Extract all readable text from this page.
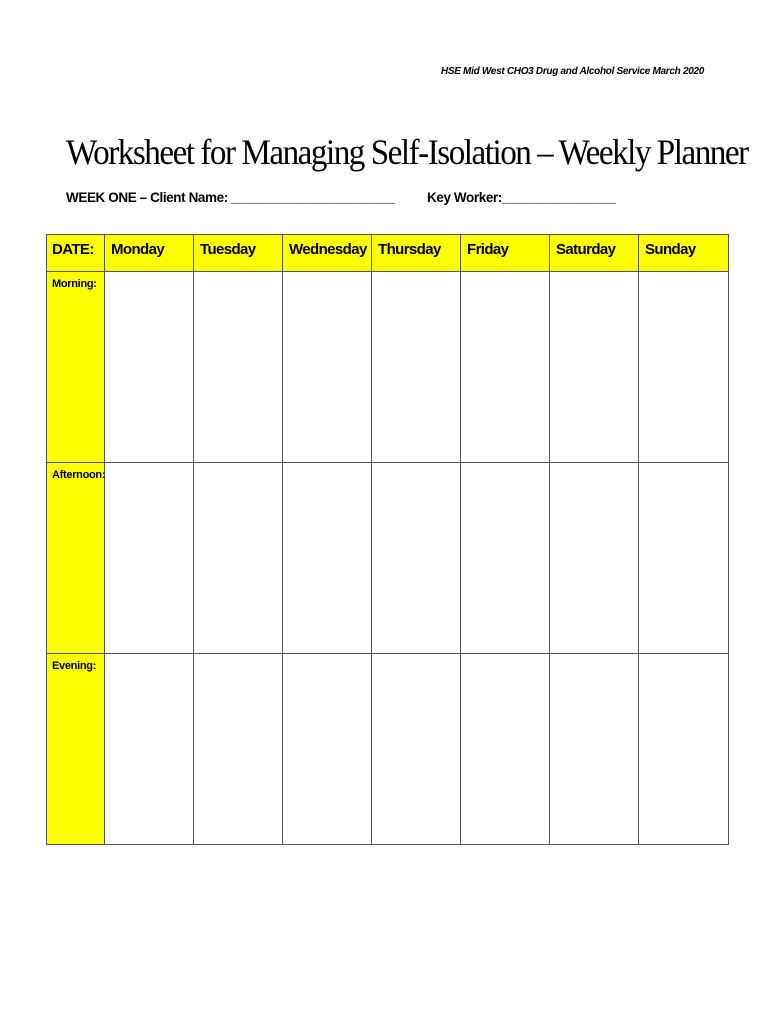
HSE Mid West CHO3 Drug and Alcohol Service March 2020
Worksheet for Managing Self-Isolation – Weekly Planner
WEEK ONE – Client Name: _______________________ Key Worker:________________
DATE:	Monday	Tuesday	Wednesday	Thursday	Friday	Saturday	Sunday
Morning:							
Afternoon:							
Evening:							
